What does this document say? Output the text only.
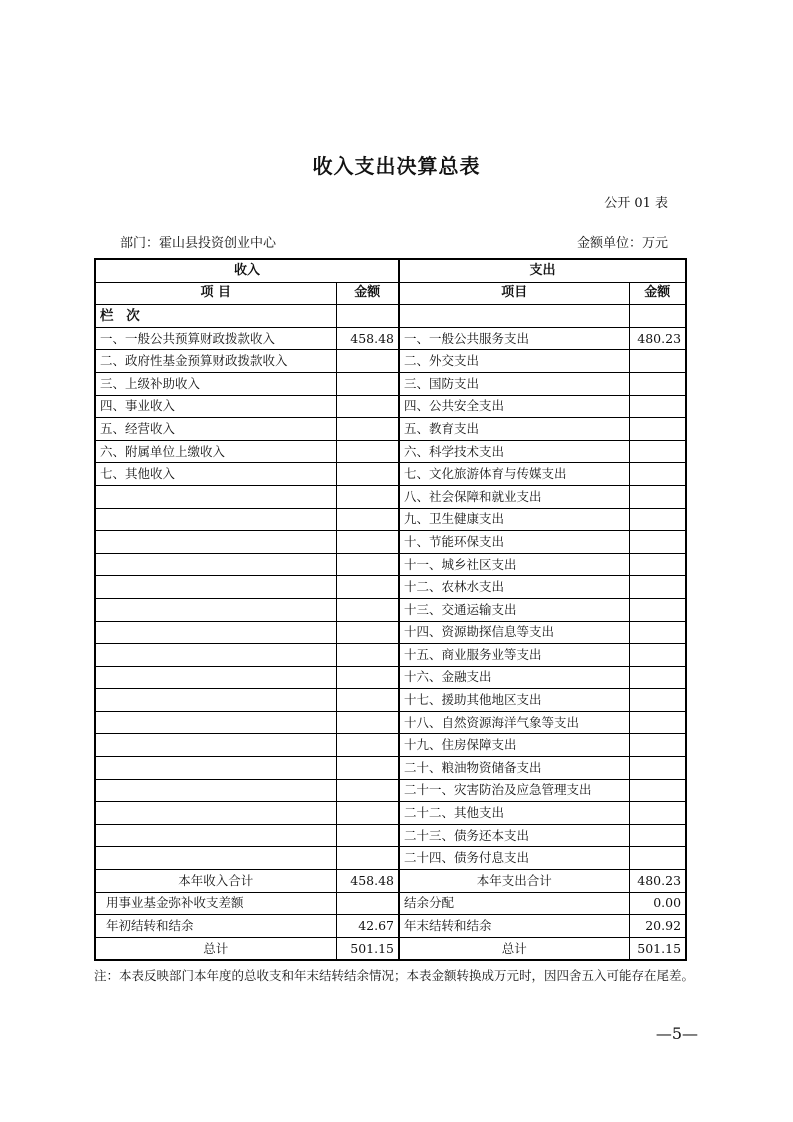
收入支出决算总表
公开 01 表
部门：霍山县投资创业中心	金额单位：万元
收入		支出	
项 目	金额	项目	金额
栏 次			
一、一般公共预算财政拨款收入	458.48	一、一般公共服务支出	480.23
二、政府性基金预算财政拨款收入		二、外交支出	
三、上级补助收入		三、国防支出	
四、事业收入		四、公共安全支出	
五、经营收入		五、教育支出	
六、附属单位上缴收入		六、科学技术支出	
七、其他收入		七、文化旅游体育与传媒支出	
		八、社会保障和就业支出	
		九、卫生健康支出	
		十、节能环保支出	
		十一、城乡社区支出	
		十二、农林水支出	
		十三、交通运输支出	
		十四、资源勘探信息等支出	
		十五、商业服务业等支出	
		十六、金融支出	
		十七、援助其他地区支出	
		十八、自然资源海洋气象等支出	
		十九、住房保障支出	
		二十、粮油物资储备支出	
		二十一、灾害防治及应急管理支出	
		二十二、其他支出	
		二十三、债务还本支出	
		二十四、债务付息支出	
本年收入合计	458.48	本年支出合计	480.23
用事业基金弥补收支差额		结余分配	0.00
年初结转和结余	42.67	年末结转和结余	20.92
总计	501.15	总计	501.15
注：本表反映部门本年度的总收支和年末结转结余情况；本表金额转换成万元时，因四舍五入可能存在尾差。
—5—
